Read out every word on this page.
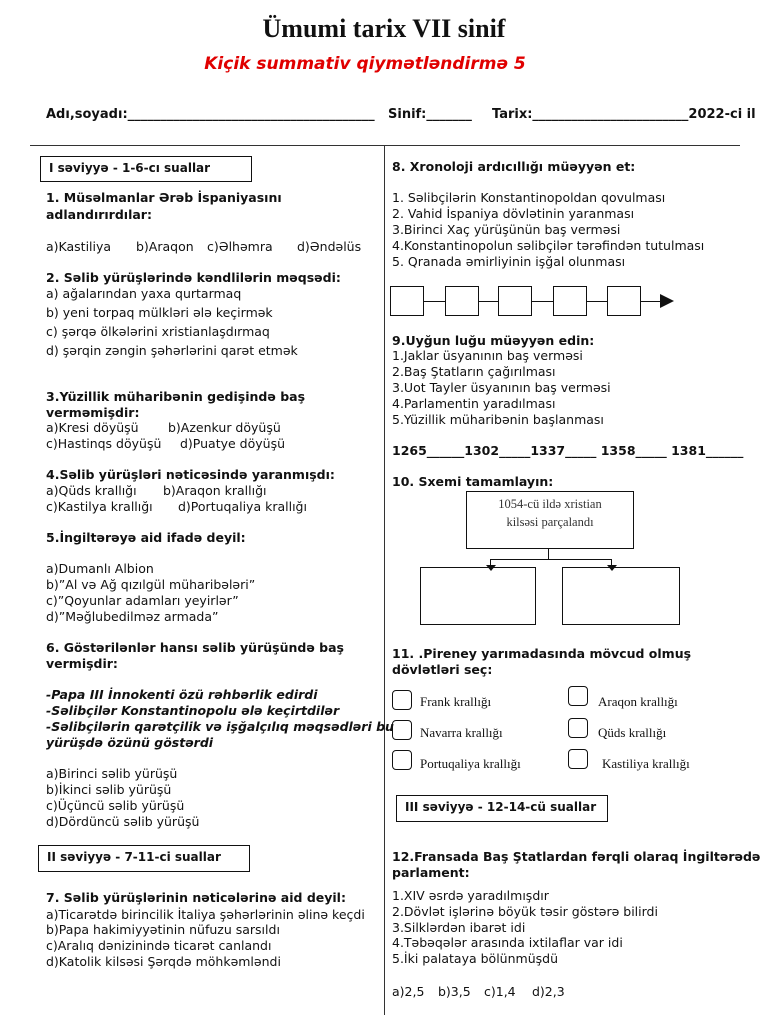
Ümumi tarix VII sinif
Kiçik summativ qiymətləndirmə 5
Adı,soyadı:______________________________________ Sinif:_______ Tarix:________________________2022-ci il
I səviyyə - 1-6-cı suallar
1. Müsəlmanlar Ərəb İspaniyasını
adlandırırdılar:
a)Kastiliya b)Araqon c)Əlhəmra d)Əndəlüs
2. Səlib yürüşlərində kəndlilərin məqsədi:
a) ağalarından yaxa qurtarmaq
b) yeni torpaq mülkləri ələ keçirmək
c) şərqə ölkələrini xristianlaşdırmaq
d) şərqin zəngin şəhərlərini qarət etmək
3.Yüzillik müharibənin gedişində baş
verməmişdir:
a)Kresi döyüşü b)Azenkur döyüşü
c)Hastinqs döyüşü d)Puatye döyüşü
4.Səlib yürüşləri nəticəsində yaranmışdı:
a)Qüds krallığı b)Araqon krallığı
c)Kastilya krallığı d)Portuqaliya krallığı
5.İngiltərəyə aid ifadə deyil:
a)Dumanlı Albion
b)”Al və Ağ qızılgül müharibələri”
c)”Qoyunlar adamları yeyirlər”
d)”Məğlubedilməz armada”
6. Göstərilənlər hansı səlib yürüşündə baş
vermişdir:
-Papa III İnnokenti özü rəhbərlik edirdi
-Səlibçilər Konstantinopolu ələ keçirtdilər
-Səlibçilərin qarətçilik və işğalçılıq məqsədləri bu
yürüşdə özünü göstərdi
a)Birinci səlib yürüşü
b)İkinci səlib yürüşü
c)Üçüncü səlib yürüşü
d)Dördüncü səlib yürüşü
II səviyyə - 7-11-ci suallar
7. Səlib yürüşlərinin nəticələrinə aid deyil:
a)Ticarətdə birincilik İtaliya şəhərlərinin əlinə keçdi
b)Papa hakimiyyətinin nüfuzu sarsıldı
c)Aralıq dənizinində ticarət canlandı
d)Katolik kilsəsi Şərqdə möhkəmləndi
8. Xronoloji ardıcıllığı müəyyən et:
1. Səlibçilərin Konstantinopoldan qovulması
2. Vahid İspaniya dövlətinin yaranması
3.Birinci Xaç yürüşünün baş verməsi
4.Konstantinopolun səlibçilər tərəfindən tutulması
5. Qranada əmirliyinin işğal olunması
9.Uyğun luğu müəyyən edin:
1.Jaklar üsyanının baş verməsi
2.Baş Ştatların çağırılması
3.Uot Tayler üsyanının baş verməsi
4.Parlamentin yaradılması
5.Yüzillik müharibənin başlanması
1265______1302_____1337_____ 1358_____ 1381______
10. Sxemi tamamlayın:
1054-cü ildə xristian
kilsəsi parçalandı
11. .Pireney yarımadasında mövcud olmuş
dövlətləri seç:
Frank krallığı	Araqon krallığı
Navarra krallığı	Qüds krallığı
Portuqaliya krallığı	Kastiliya krallığı
III səviyyə - 12-14-cü suallar
12.Fransada Baş Ştatlardan fərqli olaraq İngiltərədə
parlament:
1.XIV əsrdə yaradılmışdır
2.Dövlət işlərinə böyük təsir göstərə bilirdi
3.Silklərdən ibarət idi
4.Təbəqələr arasında ixtilaflar var idi
5.İki palataya bölünmüşdü
a)2,5 b)3,5 c)1,4 d)2,3
